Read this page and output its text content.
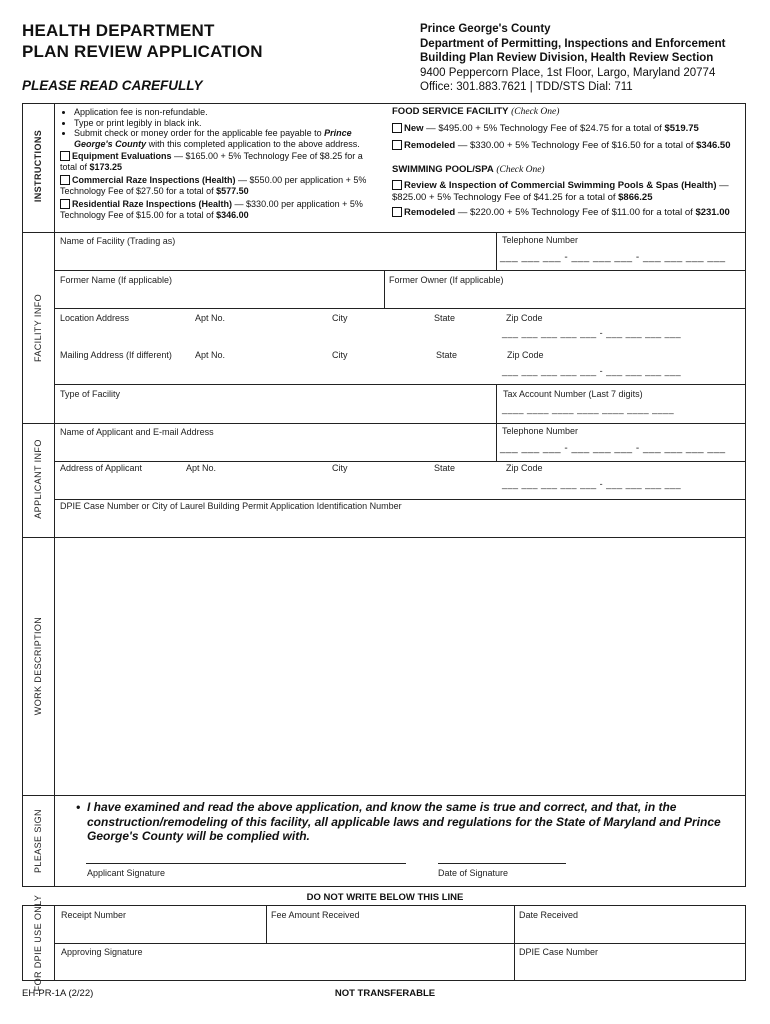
HEALTH DEPARTMENT
PLAN REVIEW APPLICATION
PLEASE READ CAREFULLY
Prince George's County
Department of Permitting, Inspections and Enforcement
Building Plan Review Division, Health Review Section
9400 Peppercorn Place, 1st Floor, Largo, Maryland 20774
Office: 301.883.7621 | TDD/STS Dial: 711
INSTRUCTIONS
• Application fee is non-refundable.
• Type or print legibly in black ink.
• Submit check or money order for the applicable fee payable to Prince George's County with this completed application to the above address.
Equipment Evaluations — $165.00 + 5% Technology Fee of $8.25 for a total of $173.25
Commercial Raze Inspections (Health) — $550.00 per application + 5% Technology Fee of $27.50 for a total of $577.50
Residential Raze Inspections (Health) — $330.00 per application + 5% Technology Fee of $15.00 for a total of $346.00
FOOD SERVICE FACILITY (Check One)
New — $495.00 + 5% Technology Fee of $24.75 for a total of $519.75
Remodeled — $330.00 + 5% Technology Fee of $16.50 for a total of $346.50
SWIMMING POOL/SPA (Check One)
Review & Inspection of Commercial Swimming Pools & Spas (Health) — $825.00 + 5% Technology Fee of $41.25 for a total of $866.25
Remodeled — $220.00 + 5% Technology Fee of $11.00 for a total of $231.00
FACILITY INFO
Name of Facility (Trading as)	Telephone Number
___ ___ ___ - ___ ___ ___ - ___ ___ ___ ___
Former Name (If applicable)	Former Owner (If applicable)
Location Address	Apt No.	City	State	Zip Code
___ ___ ___ ___ ___ - ___ ___ ___ ___
Mailing Address (If different)	Apt No.	City	State	Zip Code
___ ___ ___ ___ ___ - ___ ___ ___ ___
Type of Facility	Tax Account Number (Last 7 digits)
____ ____ ____ ____ ____ ____ ____
APPLICANT INFO
Name of Applicant and E-mail Address	Telephone Number
___ ___ ___ - ___ ___ ___ - ___ ___ ___ ___
Address of Applicant	Apt No.	City	State	Zip Code
___ ___ ___ ___ ___ - ___ ___ ___ ___
DPIE Case Number or City of Laurel Building Permit Application Identification Number
WORK DESCRIPTION
PLEASE SIGN
• I have examined and read the above application, and know the same is true and correct, and that, in the construction/remodeling of this facility, all applicable laws and regulations for the State of Maryland and Prince George's County will be complied with.
Applicant Signature	Date of Signature
DO NOT WRITE BELOW THIS LINE
FOR DPIE USE ONLY Receipt Number	Fee Amount Received	Date Received
Approving Signature	DPIE Case Number
EH-PR-1A (2/22)	NOT TRANSFERABLE
